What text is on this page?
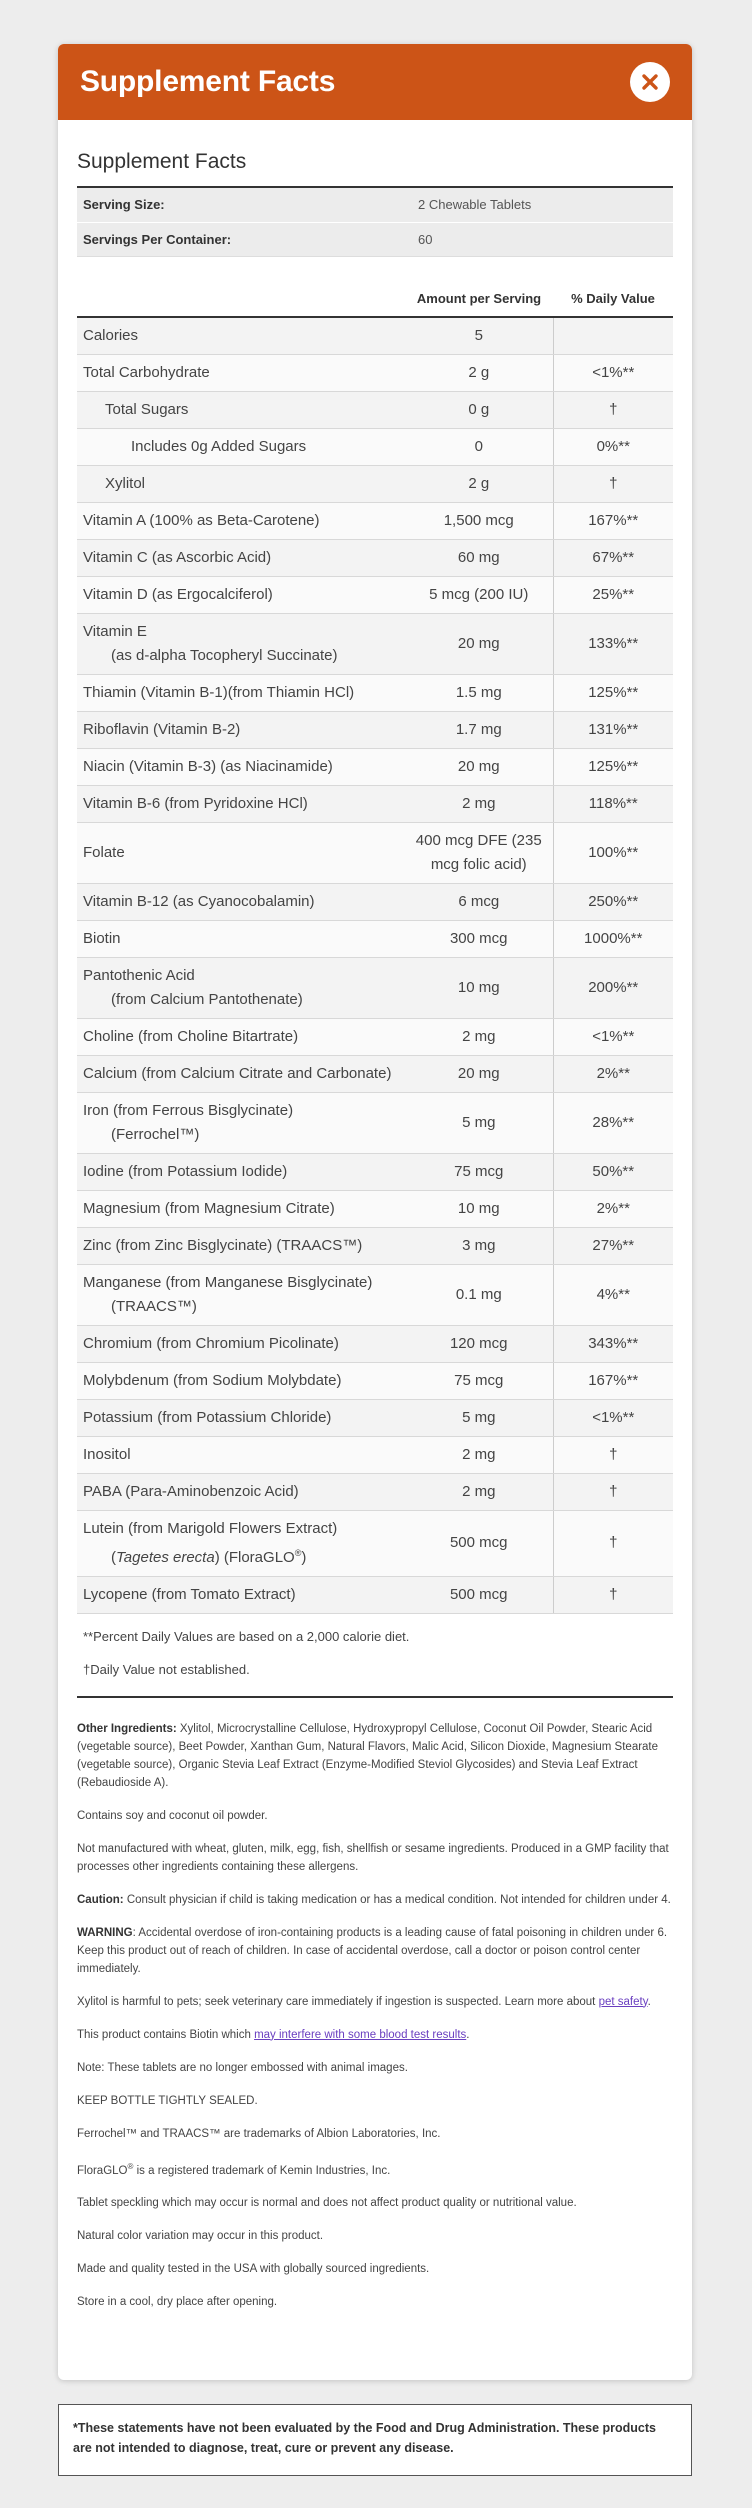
Supplement Facts
Supplement Facts
Serving Size:	2 Chewable Tablets
Servings Per Container:	60
	Amount per Serving	% Daily Value
Calories	5	
Total Carbohydrate	2 g	<1%**
Total Sugars	0 g	†
Includes 0g Added Sugars	0	0%**
Xylitol	2 g	†
Vitamin A (100% as Beta-Carotene)	1,500 mcg	167%**
Vitamin C (as Ascorbic Acid)	60 mg	67%**
Vitamin D (as Ergocalciferol)	5 mcg (200 IU)	25%**
Vitamin E
(as d-alpha Tocopheryl Succinate)	20 mg	133%**
Thiamin (Vitamin B-1)(from Thiamin HCl)	1.5 mg	125%**
Riboflavin (Vitamin B-2)	1.7 mg	131%**
Niacin (Vitamin B-3) (as Niacinamide)	20 mg	125%**
Vitamin B-6 (from Pyridoxine HCl)	2 mg	118%**
Folate	400 mcg DFE (235 mcg folic acid)	100%**
Vitamin B-12 (as Cyanocobalamin)	6 mcg	250%**
Biotin	300 mcg	1000%**
Pantothenic Acid
(from Calcium Pantothenate)	10 mg	200%**
Choline (from Choline Bitartrate)	2 mg	<1%**
Calcium (from Calcium Citrate and Carbonate)	20 mg	2%**
Iron (from Ferrous Bisglycinate)
(Ferrochel™)	5 mg	28%**
Iodine (from Potassium Iodide)	75 mcg	50%**
Magnesium (from Magnesium Citrate)	10 mg	2%**
Zinc (from Zinc Bisglycinate) (TRAACS™)	3 mg	27%**
Manganese (from Manganese Bisglycinate)
(TRAACS™)	0.1 mg	4%**
Chromium (from Chromium Picolinate)	120 mcg	343%**
Molybdenum (from Sodium Molybdate)	75 mcg	167%**
Potassium (from Potassium Chloride)	5 mg	<1%**
Inositol	2 mg	†
PABA (Para-Aminobenzoic Acid)	2 mg	†
Lutein (from Marigold Flowers Extract)
(Tagetes erecta) (FloraGLO®)	500 mcg	†
Lycopene (from Tomato Extract)	500 mcg	†

**Percent Daily Values are based on a 2,000 calorie diet.

†Daily Value not established.

Other Ingredients: Xylitol, Microcrystalline Cellulose, Hydroxypropyl Cellulose, Coconut Oil Powder, Stearic Acid (vegetable source), Beet Powder, Xanthan Gum, Natural Flavors, Malic Acid, Silicon Dioxide, Magnesium Stearate (vegetable source), Organic Stevia Leaf Extract (Enzyme-Modified Steviol Glycosides) and Stevia Leaf Extract (Rebaudioside A).

Contains soy and coconut oil powder.

Not manufactured with wheat, gluten, milk, egg, fish, shellfish or sesame ingredients. Produced in a GMP facility that processes other ingredients containing these allergens.

Caution: Consult physician if child is taking medication or has a medical condition. Not intended for children under 4.

WARNING: Accidental overdose of iron-containing products is a leading cause of fatal poisoning in children under 6. Keep this product out of reach of children. In case of accidental overdose, call a doctor or poison control center immediately.

Xylitol is harmful to pets; seek veterinary care immediately if ingestion is suspected. Learn more about pet safety.

This product contains Biotin which may interfere with some blood test results.

Note: These tablets are no longer embossed with animal images.

KEEP BOTTLE TIGHTLY SEALED.

Ferrochel™ and TRAACS™ are trademarks of Albion Laboratories, Inc.

FloraGLO® is a registered trademark of Kemin Industries, Inc.

Tablet speckling which may occur is normal and does not affect product quality or nutritional value.

Natural color variation may occur in this product.

Made and quality tested in the USA with globally sourced ingredients.

Store in a cool, dry place after opening.

*These statements have not been evaluated by the Food and Drug Administration. These products are not intended to diagnose, treat, cure or prevent any disease.
